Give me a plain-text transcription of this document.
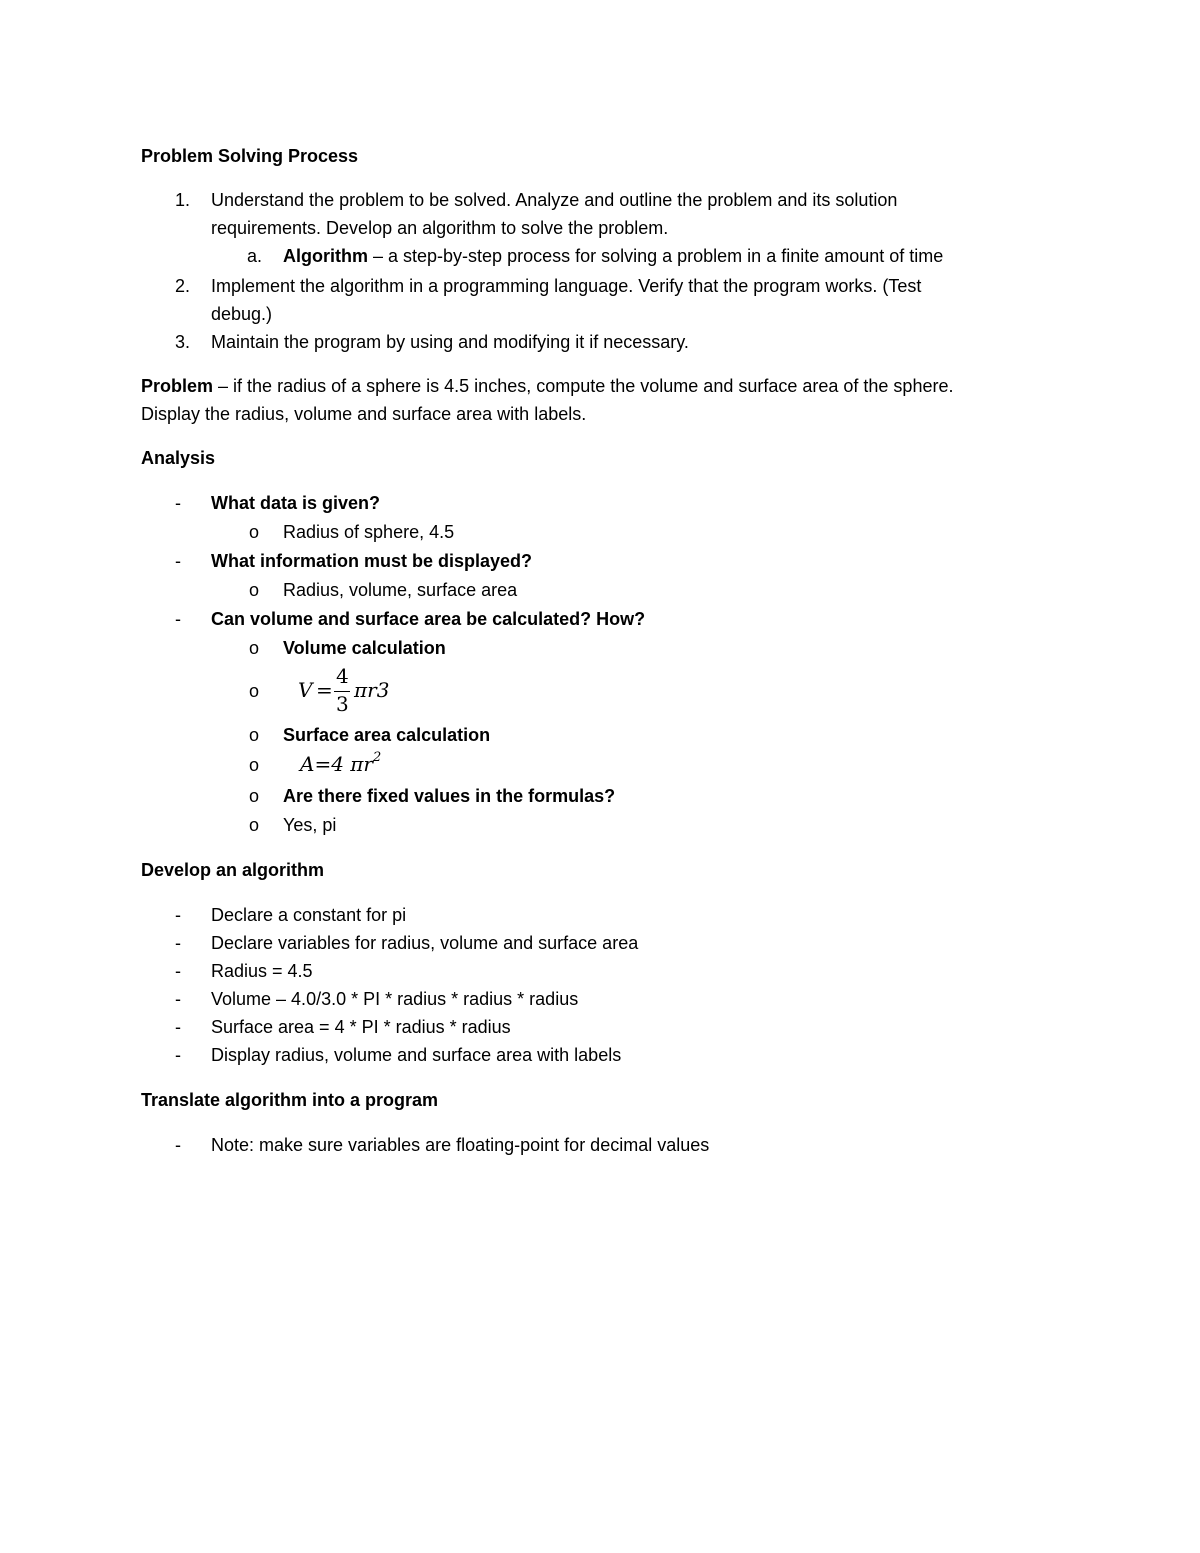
Problem Solving Process
1. Understand the problem to be solved. Analyze and outline the problem and its solution
requirements. Develop an algorithm to solve the problem.
a. Algorithm – a step-by-step process for solving a problem in a finite amount of time
2. Implement the algorithm in a programming language. Verify that the program works. (Test
debug.)
3. Maintain the program by using and modifying it if necessary.
Problem – if the radius of a sphere is 4.5 inches, compute the volume and surface area of the sphere.
Display the radius, volume and surface area with labels.
Analysis
- What data is given?
o Radius of sphere, 4.5
- What information must be displayed?
o Radius, volume, surface area
- Can volume and surface area be calculated? How?
o Volume calculation
o V =
4
3
πr3
o Surface area calculation
o A=4 $\pi r^2$
o Are there fixed values in the formulas?
o Yes, pi
Develop an algorithm
- Declare a constant for pi
- Declare variables for radius, volume and surface area
- Radius = 4.5
- Volume – 4.0/3.0 * PI * radius * radius * radius
- Surface area = 4 * PI * radius * radius
- Display radius, volume and surface area with labels
Translate algorithm into a program
- Note: make sure variables are floating-point for decimal values
